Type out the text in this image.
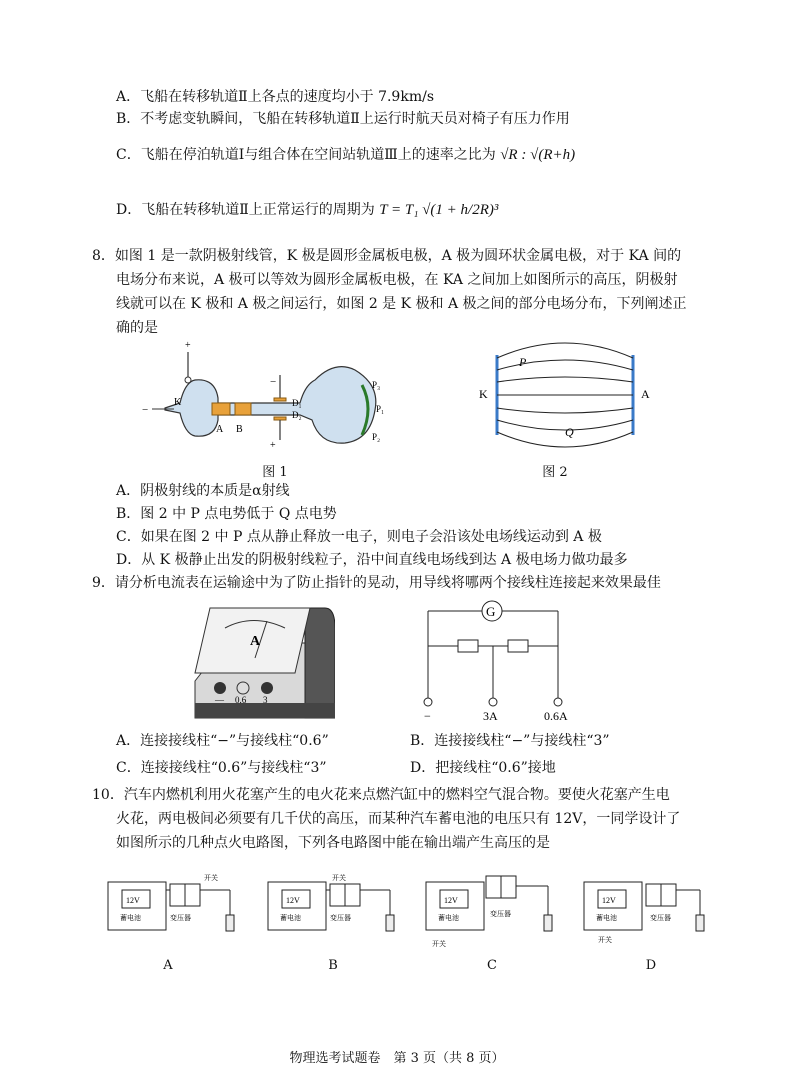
A．飞船在转移轨道Ⅱ上各点的速度均小于 7.9km/s
B．不考虑变轨瞬间，飞船在转移轨道Ⅱ上运行时航天员对椅子有压力作用
C．飞船在停泊轨道Ⅰ与组合体在空间站轨道Ⅲ上的速率之比为 √R : √(R+h)
D．飞船在转移轨道Ⅱ上正常运行的周期为 T = T₁ √(1 + h/2R)³
8．如图 1 是一款阴极射线管，K 极是圆形金属板电极，A 极为圆环状金属电极，对于 KA 间的
电场分布来说，A 极可以等效为圆形金属板电极，在 KA 之间加上如图所示的高压，阴极射
线就可以在 K 极和 A 极之间运行，如图 2 是 K 极和 A 极之间的部分电场分布，下列阐述正
确的是
+
−
K
A B
−
+
D₁
D₂
P₃
P₁
P₂
图 1
K	A
P
Q
图 2
A．阴极射线的本质是α射线
B．图 2 中 P 点电势低于 Q 点电势
C．如果在图 2 中 P 点从静止释放一电子，则电子会沿该处电场线运动到 A 极
D．从 K 极静止出发的阴极射线粒子，沿中间直线电场线到达 A 极电场力做功最多
9．请分析电流表在运输途中为了防止指针的晃动，用导线将哪两个接线柱连接起来效果最佳
A
— 0.6 3
G
−	3A	0.6A
A．连接接线柱“−”与接线柱“0.6”	B．连接接线柱“−”与接线柱“3”
C．连接接线柱“0.6”与接线柱“3”	D．把接线柱“0.6”接地
10．汽车内燃机利用火花塞产生的电火花来点燃汽缸中的燃料空气混合物。要使火花塞产生电
火花，两电极间必须要有几千伏的高压，而某种汽车蓄电池的电压只有 12V，一同学设计了
如图所示的几种点火电路图，下列各电路图中能在输出端产生高压的是
12V
蓄电池	变压器
开关
12V
蓄电池	变压器
开关
12V
蓄电池	变压器
开关
12V
蓄电池	变压器
开关
A	B	C	D
物理选考试题卷　第 3 页（共 8 页）
